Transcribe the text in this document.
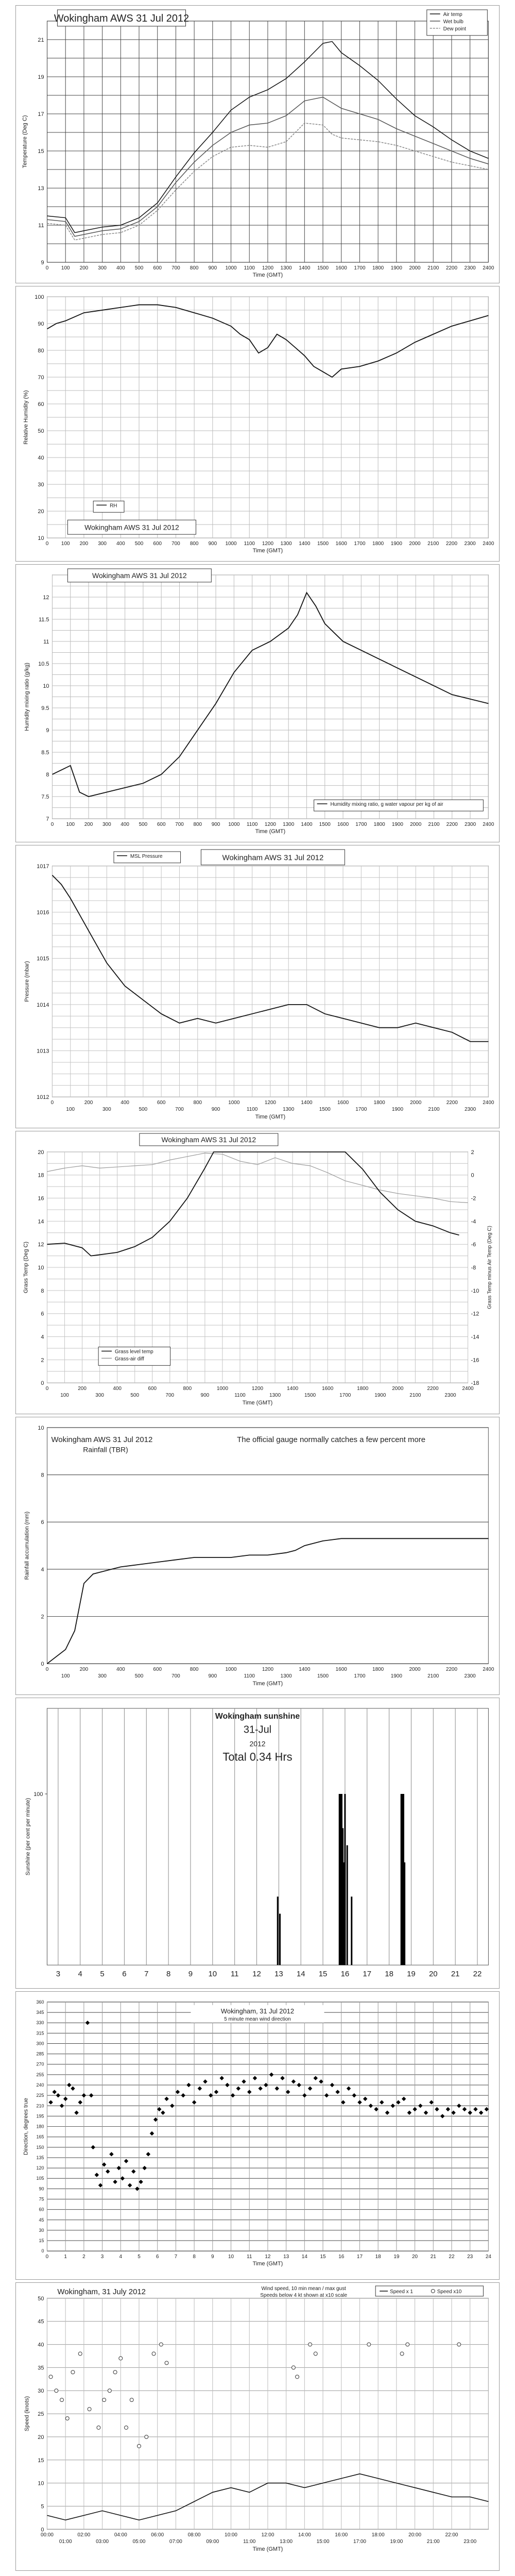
0 100 200 300 400 500 600 700 800 900 1000 1100 1200 1300 1400 1500 1600 1700 1800 1900 2000 2100 2200 2300 2400
9
11
13
15
17
19
21
Temperature (Deg C)
Time (GMT)
Wokingham AWS 31 Jul 2012	Air temp
Wet bulb
Dew point
0 100 200 300 400 500 600 700 800 900 1000 1100 1200 1300 1400 1500 1600 1700 1800 1900 2000 2100 2200 2300 2400
10
20
30
40
50
60
70
80
90
100
Relative Humidity (%)
Time (GMT)
RH
Wokingham AWS 31 Jul 2012
0 100 200 300 400 500 600 700 800 900 1000 1100 1200 1300 1400 1500 1600 1700 1800 1900 2000 2100 2200 2300 2400
7
7.5
8
8.5
9
9.5
10
10.5
11
11.5
12
Humidity mixing ratio (g/kg)
Time (GMT)
Wokingham AWS 31 Jul 2012
Humidity mixing ratio, g water vapour per kg of air
0	200	400	600	800	1000	1200	1400	1600	1800	2000	2200	2400
100	300	500	700	900	1100	1300	1500	1700	1900	2100	2300
1012
1013
1014
1015
1016
1017
Pressure (mbar)
Time (GMT)
MSL Pressure	Wokingham AWS 31 Jul 2012
0	200	400	600	800	1000	1200	1400	1600	1800	2000	2200	2400
100	300	500	700	900	1100	1300	1500	1700	1900	2100	2300
0
2
4
6
8
10
12
14
16
18
20
-18
-16
-14
-12
-10
-8
-6
-4
-2
0
2
Grass Temp (Deg C)	Grass Temp minus Air Temp (Deg C)
Time (GMT)
Wokingham AWS 31 Jul 2012
Grass level temp
Grass-air diff
0	200	400	600	800	1000	1200	1400	1600	1800	2000	2200	2400
100	300	500	700	900	1100	1300	1500	1700	1900	2100	2300
0
2
4
6
8
10
Rainfall accumulation (mm)
Time (GMT)
Wokingham AWS 31 Jul 2012
Rainfall (TBR)
The official gauge normally catches a few percent more
3 4 5 6 7 8 9 10 11 12 13 14 15 16 17 18 19 20 21 22
100
Sunshine (per cent per minute)
Wokingham sunshine
31-Jul
2012
Total 0.34 Hrs
0	1	2	3	4	5	6	7	8	9	10 11 12 13 14 15 16 17 18 19 20 21 22 23 24
0
15
30
45
60
75
90
105
120
135
150
165
180
195
210
225
240
255
270
285
300
315
330
345
360
Direction, degrees true
Time (GMT)
Wokingham, 31 Jul 2012
5 minute mean wind direction
00:00	02:00	04:00	06:00	08:00	10:00	12:00	14:00	16:00	18:00	20:00	22:00
01:00	03:00	05:00	07:00	09:00	11:00	13:00	15:00	17:00	19:00	21:00	23:00
0
5
10
15
20
25
30
35
40
45
50
Speed (knots)
Time (GMT)
Wokingham, 31 July 2012	Wind speed, 10 min mean / max gust
Speeds below 4 kt shown at x10 scale
Speed x 1	Speed x10
